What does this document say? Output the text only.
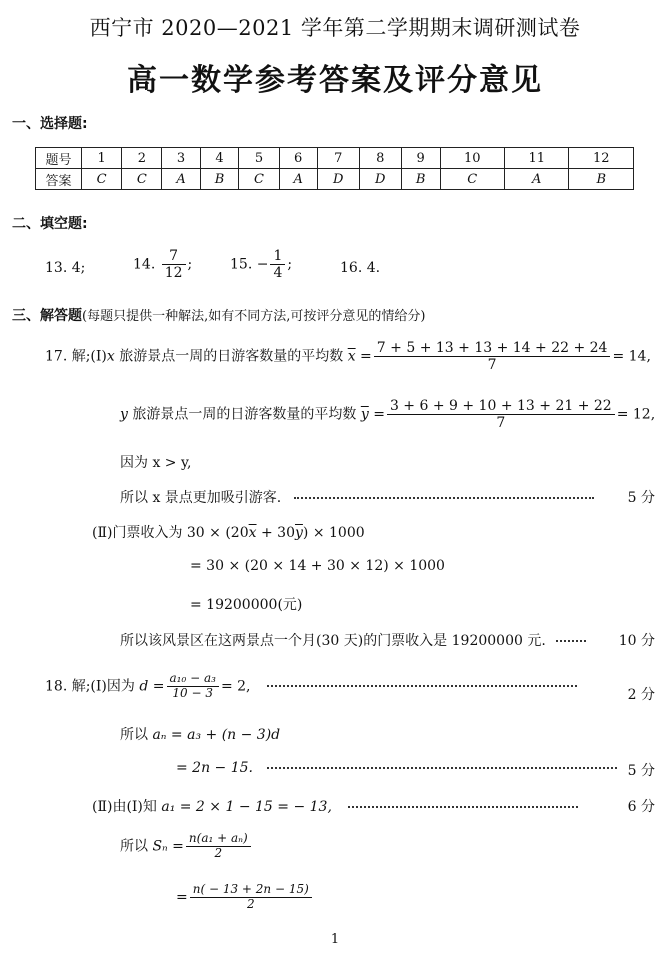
西宁市 2020—2021 学年第二学期期末调研测试卷
高一数学参考答案及评分意见
一、选择题:
题号	1	2	3	4	5	6	7	8	9	10	11	12
答案	C	C	A	B	C	A	D	D	B	C	A	B
二、填空题:
13. 4;	14. $\frac{7}{12}$ ;	15. − $\frac{1}{4}$ ;	16. 4.
三、解答题(每题只提供一种解法,如有不同方法,可按评分意见的情给分)
17. 解;(Ⅰ)x 旅游景点一周的日游客数量的平均数 $\overline{x} = \frac{7 + 5 + 13 + 13 + 14 + 22 + 24}{7} = 14$,
y 旅游景点一周的日游客数量的平均数 $\overline{y} = \frac{3 + 6 + 9 + 10 + 13 + 21 + 22}{7} = 12$,
因为 x > y,
所以 x 景点更加吸引游客.	5 分
(Ⅱ)门票收入为 $30 \times (20\overline{x} + 30\overline{y}) \times 1000$
= 30 × (20 × 14 + 30 × 12) × 1000
= 19200000(元)
所以该风景区在这两景点一个月(30 天)的门票收入是 19200000 元.	10 分
18. 解;(Ⅰ)因为 $d = \frac{\text{a₁₀ − a₃}}{10 - 3} = 2$,
2 分
所以 aₙ = a₃ + (n − 3)d
= 2n − 15.	5 分
(Ⅱ)由(Ⅰ)知 a₁ = 2 × 1 − 15 = − 13,	6 分
所以 $S_n = \frac{\text{n(a₁ + aₙ)}}{2}$
= $\frac{n( - 13 + 2n - 15)}{2}$
1
